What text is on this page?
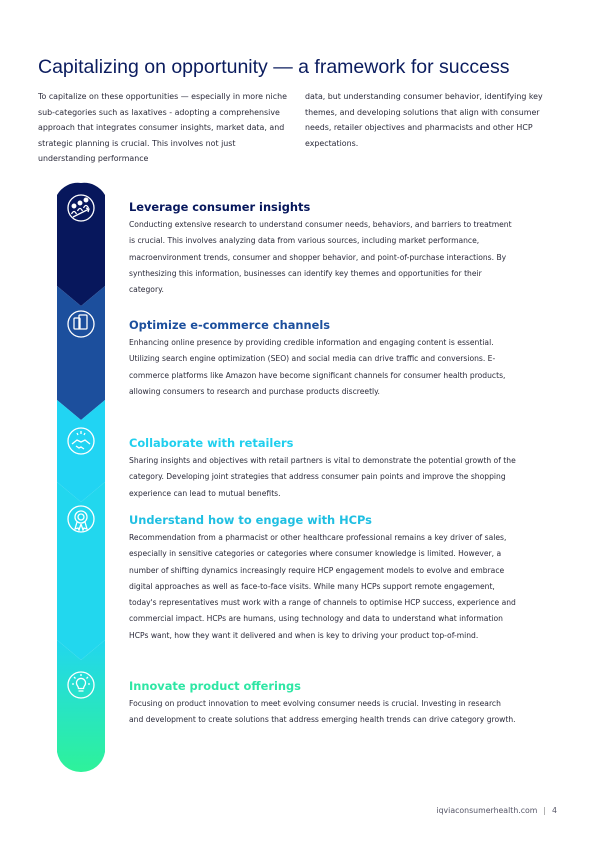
Capitalizing on opportunity — a framework for success

To capitalize on these opportunities — especially in more niche sub-categories such as laxatives - adopting a comprehensive approach that integrates consumer insights, market data, and strategic planning is crucial. This involves not just understanding performance

data, but understanding consumer behavior, identifying key themes, and developing solutions that align with consumer needs, retailer objectives and pharmacists and other HCP expectations.

Leverage consumer insights

Conducting extensive research to understand consumer needs, behaviors, and barriers to treatment is crucial. This involves analyzing data from various sources, including market performance, macroenvironment trends, consumer and shopper behavior, and point-of-purchase interactions. By synthesizing this information, businesses can identify key themes and opportunities for their category.

Optimize e-commerce channels

Enhancing online presence by providing credible information and engaging content is essential. Utilizing search engine optimization (SEO) and social media can drive traffic and conversions. E-commerce platforms like Amazon have become significant channels for consumer health products, allowing consumers to research and purchase products discreetly.

Collaborate with retailers

Sharing insights and objectives with retail partners is vital to demonstrate the potential growth of the category. Developing joint strategies that address consumer pain points and improve the shopping experience can lead to mutual benefits.

Understand how to engage with HCPs

Recommendation from a pharmacist or other healthcare professional remains a key driver of sales, especially in sensitive categories or categories where consumer knowledge is limited. However, a number of shifting dynamics increasingly require HCP engagement models to evolve and embrace digital approaches as well as face-to-face visits. While many HCPs support remote engagement, today's representatives must work with a range of channels to optimise HCP success, experience and commercial impact. HCPs are humans, using technology and data to understand what information HCPs want, how they want it delivered and when is key to driving your product top-of-mind.

Innovate product offerings

Focusing on product innovation to meet evolving consumer needs is crucial. Investing in research and development to create solutions that address emerging health trends can drive category growth.

iqviaconsumerhealth.com | 4
